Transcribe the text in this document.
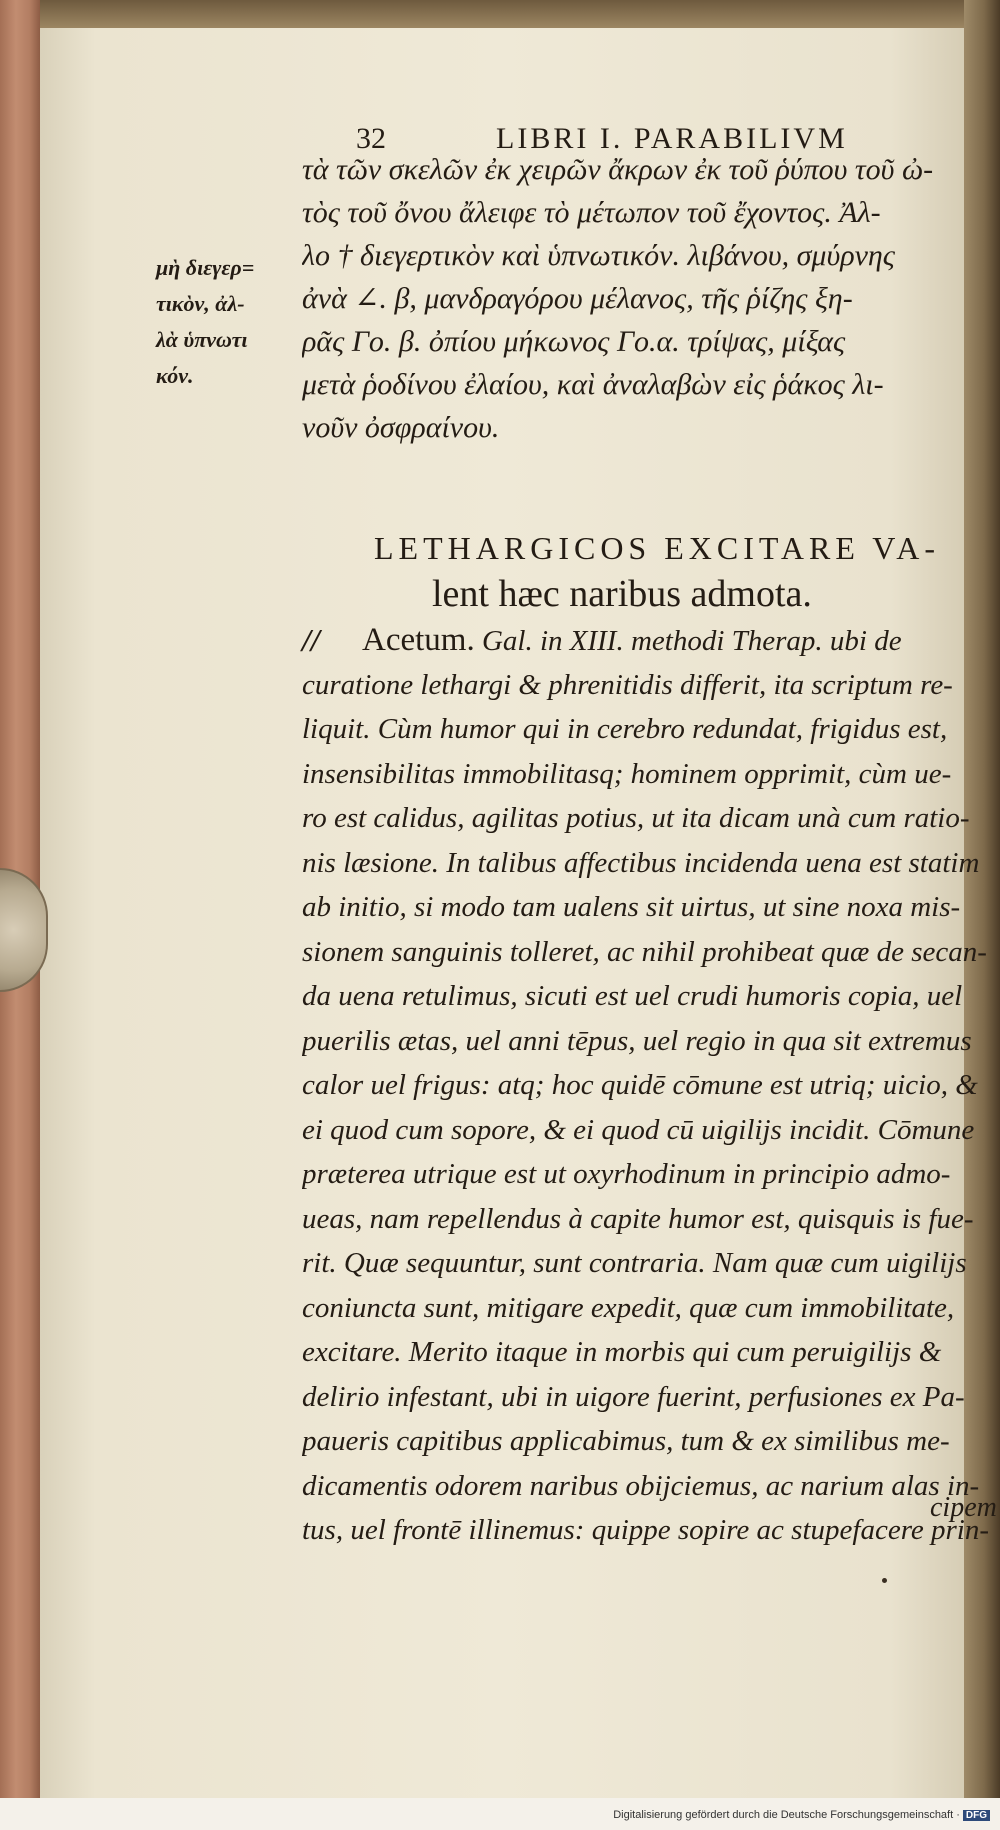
32	LIBRI I. PARABILIVM
τὰ τῶν σκελῶν ἐκ χειρῶν ἄκρων ἐκ τοῦ ῥύπου τοῦ ὠ-
τὸς τοῦ ὄνου ἄλειφε τὸ μέτωπον τοῦ ἔχοντος. Ἀλ-
λο † διεγερτικὸν καὶ ὑπνωτικόν. λιβάνου, σμύρνης
ἀνὰ ∠. β, μανδραγόρου μέλανος, τῆς ῥίζης ξη-
ρᾶς Γο. β. ὀπίου μήκωνος Γο.α. τρίψας, μίξας
μετὰ ῥοδίνου ἐλαίου, καὶ ἀναλαβὼν εἰς ῥάκος λι-
νοῦν ὀσφραίνου.
μὴ διεγερ=
τικὸν, ἀλ-
λὰ ὑπνωτι
κόν.
LETHARGICOS EXCITARE VA-
lent hæc naribus admota.
//	Acetum. Gal. in XIII. methodi Therap. ubi de
curatione lethargi & phrenitidis differit, ita scriptum re-
liquit. Cùm humor qui in cerebro redundat, frigidus est,
insensibilitas immobilitasq; hominem opprimit, cùm ue-
ro est calidus, agilitas potius, ut ita dicam unà cum ratio-
nis læsione. In talibus affectibus incidenda uena est statim
ab initio, si modo tam ualens sit uirtus, ut sine noxa mis-
sionem sanguinis tolleret, ac nihil prohibeat quæ de secan-
da uena retulimus, sicuti est uel crudi humoris copia, uel
puerilis ætas, uel anni tēpus, uel regio in qua sit extremus
calor uel frigus: atq; hoc quidē cōmune est utriq; uicio, &
ei quod cum sopore, & ei quod cū uigilijs incidit. Cōmune
præterea utrique est ut oxyrhodinum in principio admo-
ueas, nam repellendus à capite humor est, quisquis is fue-
rit. Quæ sequuntur, sunt contraria. Nam quæ cum uigilijs
coniuncta sunt, mitigare expedit, quæ cum immobilitate,
excitare. Merito itaque in morbis qui cum peruigilijs &
delirio infestant, ubi in uigore fuerint, perfusiones ex Pa-
paueris capitibus applicabimus, tum & ex similibus me-
dicamentis odorem naribus obijciemus, ac narium alas in-
tus, uel frontē illinemus: quippe sopire ac stupefacere prin-
cipem
Digitalisierung gefördert durch die Deutsche Forschungsgemeinschaft · DFG
